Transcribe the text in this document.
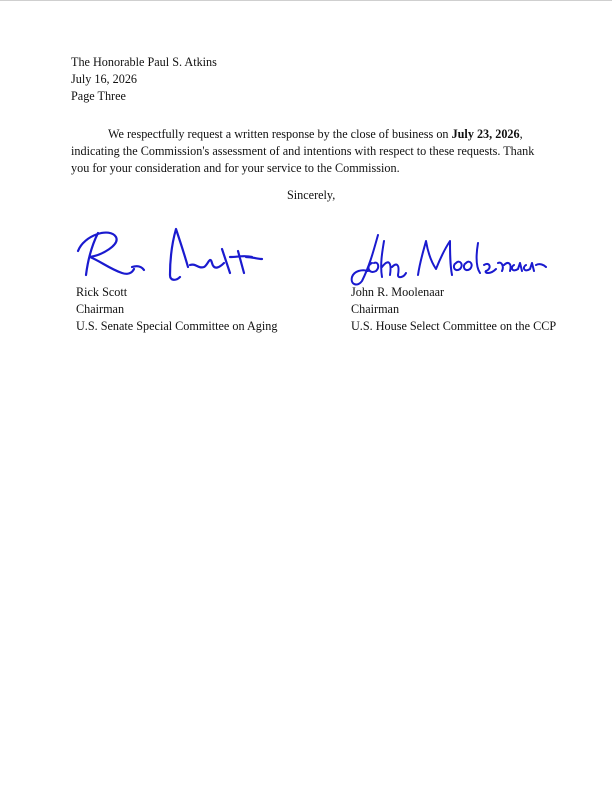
The Honorable Paul S. Atkins
July 16, 2026
Page Three
We respectfully request a written response by the close of business on July 23, 2026, indicating the Commission's assessment of and intentions with respect to these requests. Thank you for your consideration and for your service to the Commission.
Sincerely,
Rick Scott
Chairman
U.S. Senate Special Committee on Aging
John R. Moolenaar
Chairman
U.S. House Select Committee on the CCP
